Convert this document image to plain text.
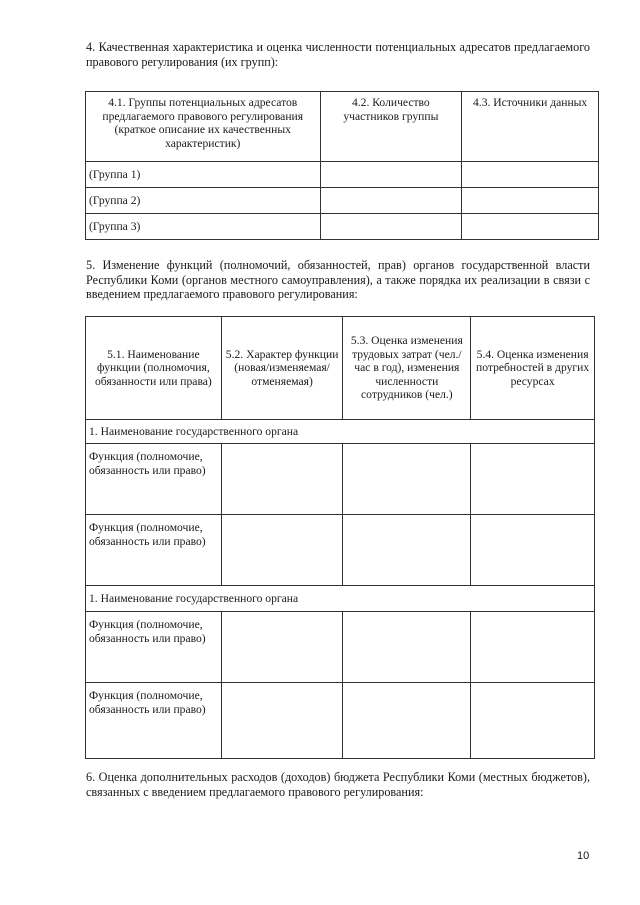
4. Качественная характеристика и оценка численности потенциальных адресатов предлагаемого правового регулирования (их групп):
4.1. Группы потенциальных адресатов предлагаемого правового регулирования (краткое описание их качественных характеристик)	4.2. Количество участников группы	4.3. Источники данных
(Группа 1)		
(Группа 2)		
(Группа 3)		
5. Изменение функций (полномочий, обязанностей, прав) органов государственной власти Республики Коми (органов местного самоуправления), а также порядка их реализации в связи с введением предлагаемого правового регулирования:
5.1. Наименование функции (полномочия, обязанности или права)	5.2. Характер функции (новая/изменяемая/отменяемая)	5.3. Оценка изменения трудовых затрат (чел./час в год), изменения численности сотрудников (чел.)	5.4. Оценка изменения потребностей в других ресурсах
1. Наименование государственного органа			
Функция (полномочие, обязанность или право)			
Функция (полномочие, обязанность или право)			
1. Наименование государственного органа			
Функция (полномочие, обязанность или право)			
Функция (полномочие, обязанность или право)			
6. Оценка дополнительных расходов (доходов) бюджета Республики Коми (местных бюджетов), связанных с введением предлагаемого правового регулирования:
10
